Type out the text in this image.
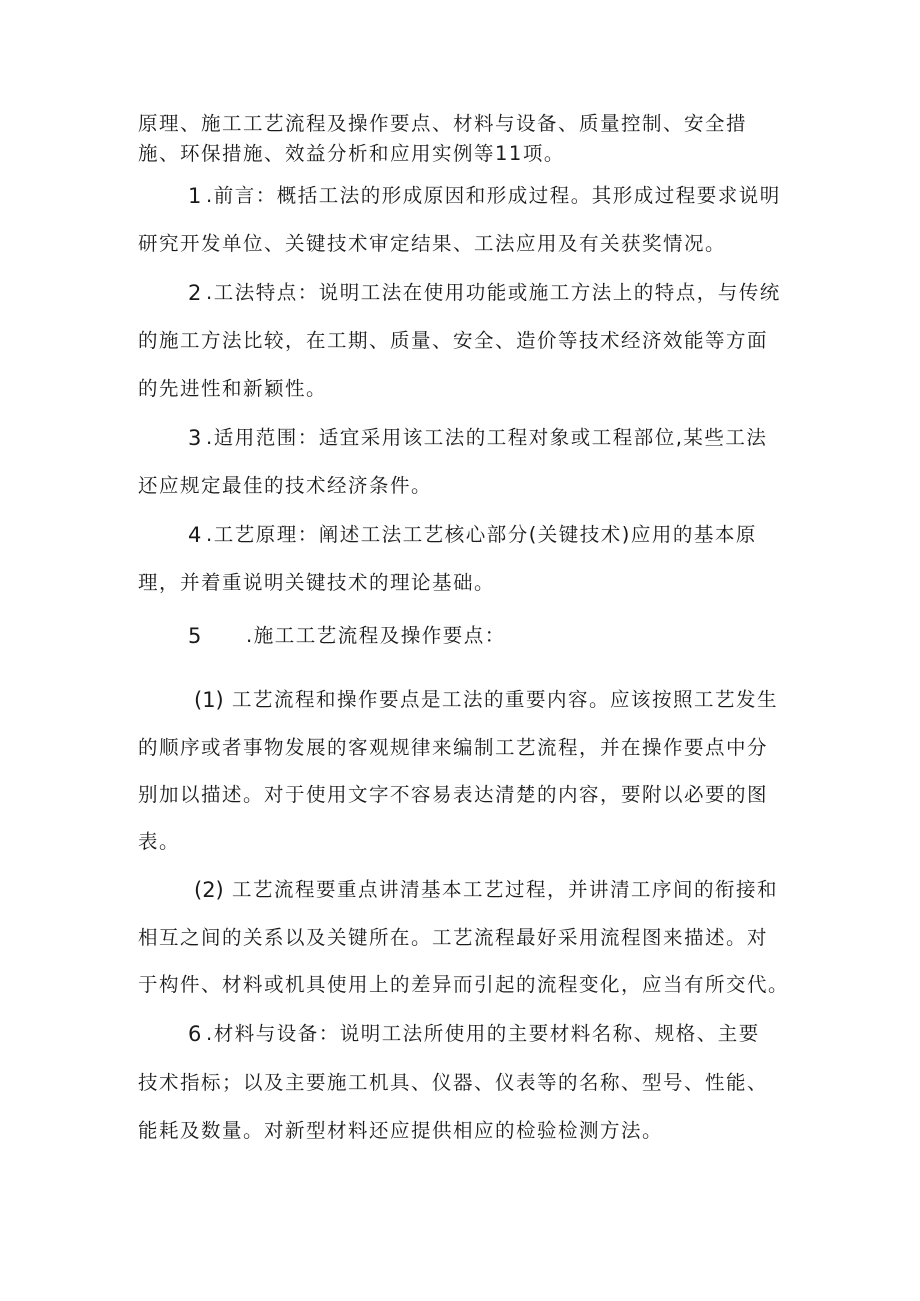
原理、施工工艺流程及操作要点、材料与设备、质量控制、安全措
施、环保措施、效益分析和应用实例等11项。
1 .前言：概括工法的形成原因和形成过程。其形成过程要求说明
研究开发单位、关键技术审定结果、工法应用及有关获奖情况。
2 .工法特点：说明工法在使用功能或施工方法上的特点，与传统
的施工方法比较，在工期、质量、安全、造价等技术经济效能等方面
的先进性和新颖性。
3 .适用范围：适宜采用该工法的工程对象或工程部位,某些工法
还应规定最佳的技术经济条件。
4 .工艺原理：阐述工法工艺核心部分(关键技术)应用的基本原
理，并着重说明关键技术的理论基础。
5 .施工工艺流程及操作要点：
(1) 工艺流程和操作要点是工法的重要内容。应该按照工艺发生
的顺序或者事物发展的客观规律来编制工艺流程，并在操作要点中分
别加以描述。对于使用文字不容易表达清楚的内容，要附以必要的图
表。
(2) 工艺流程要重点讲清基本工艺过程，并讲清工序间的衔接和
相互之间的关系以及关键所在。工艺流程最好采用流程图来描述。对
于构件、材料或机具使用上的差异而引起的流程变化，应当有所交代。
6 .材料与设备：说明工法所使用的主要材料名称、规格、主要
技术指标；以及主要施工机具、仪器、仪表等的名称、型号、性能、
能耗及数量。对新型材料还应提供相应的检验检测方法。
